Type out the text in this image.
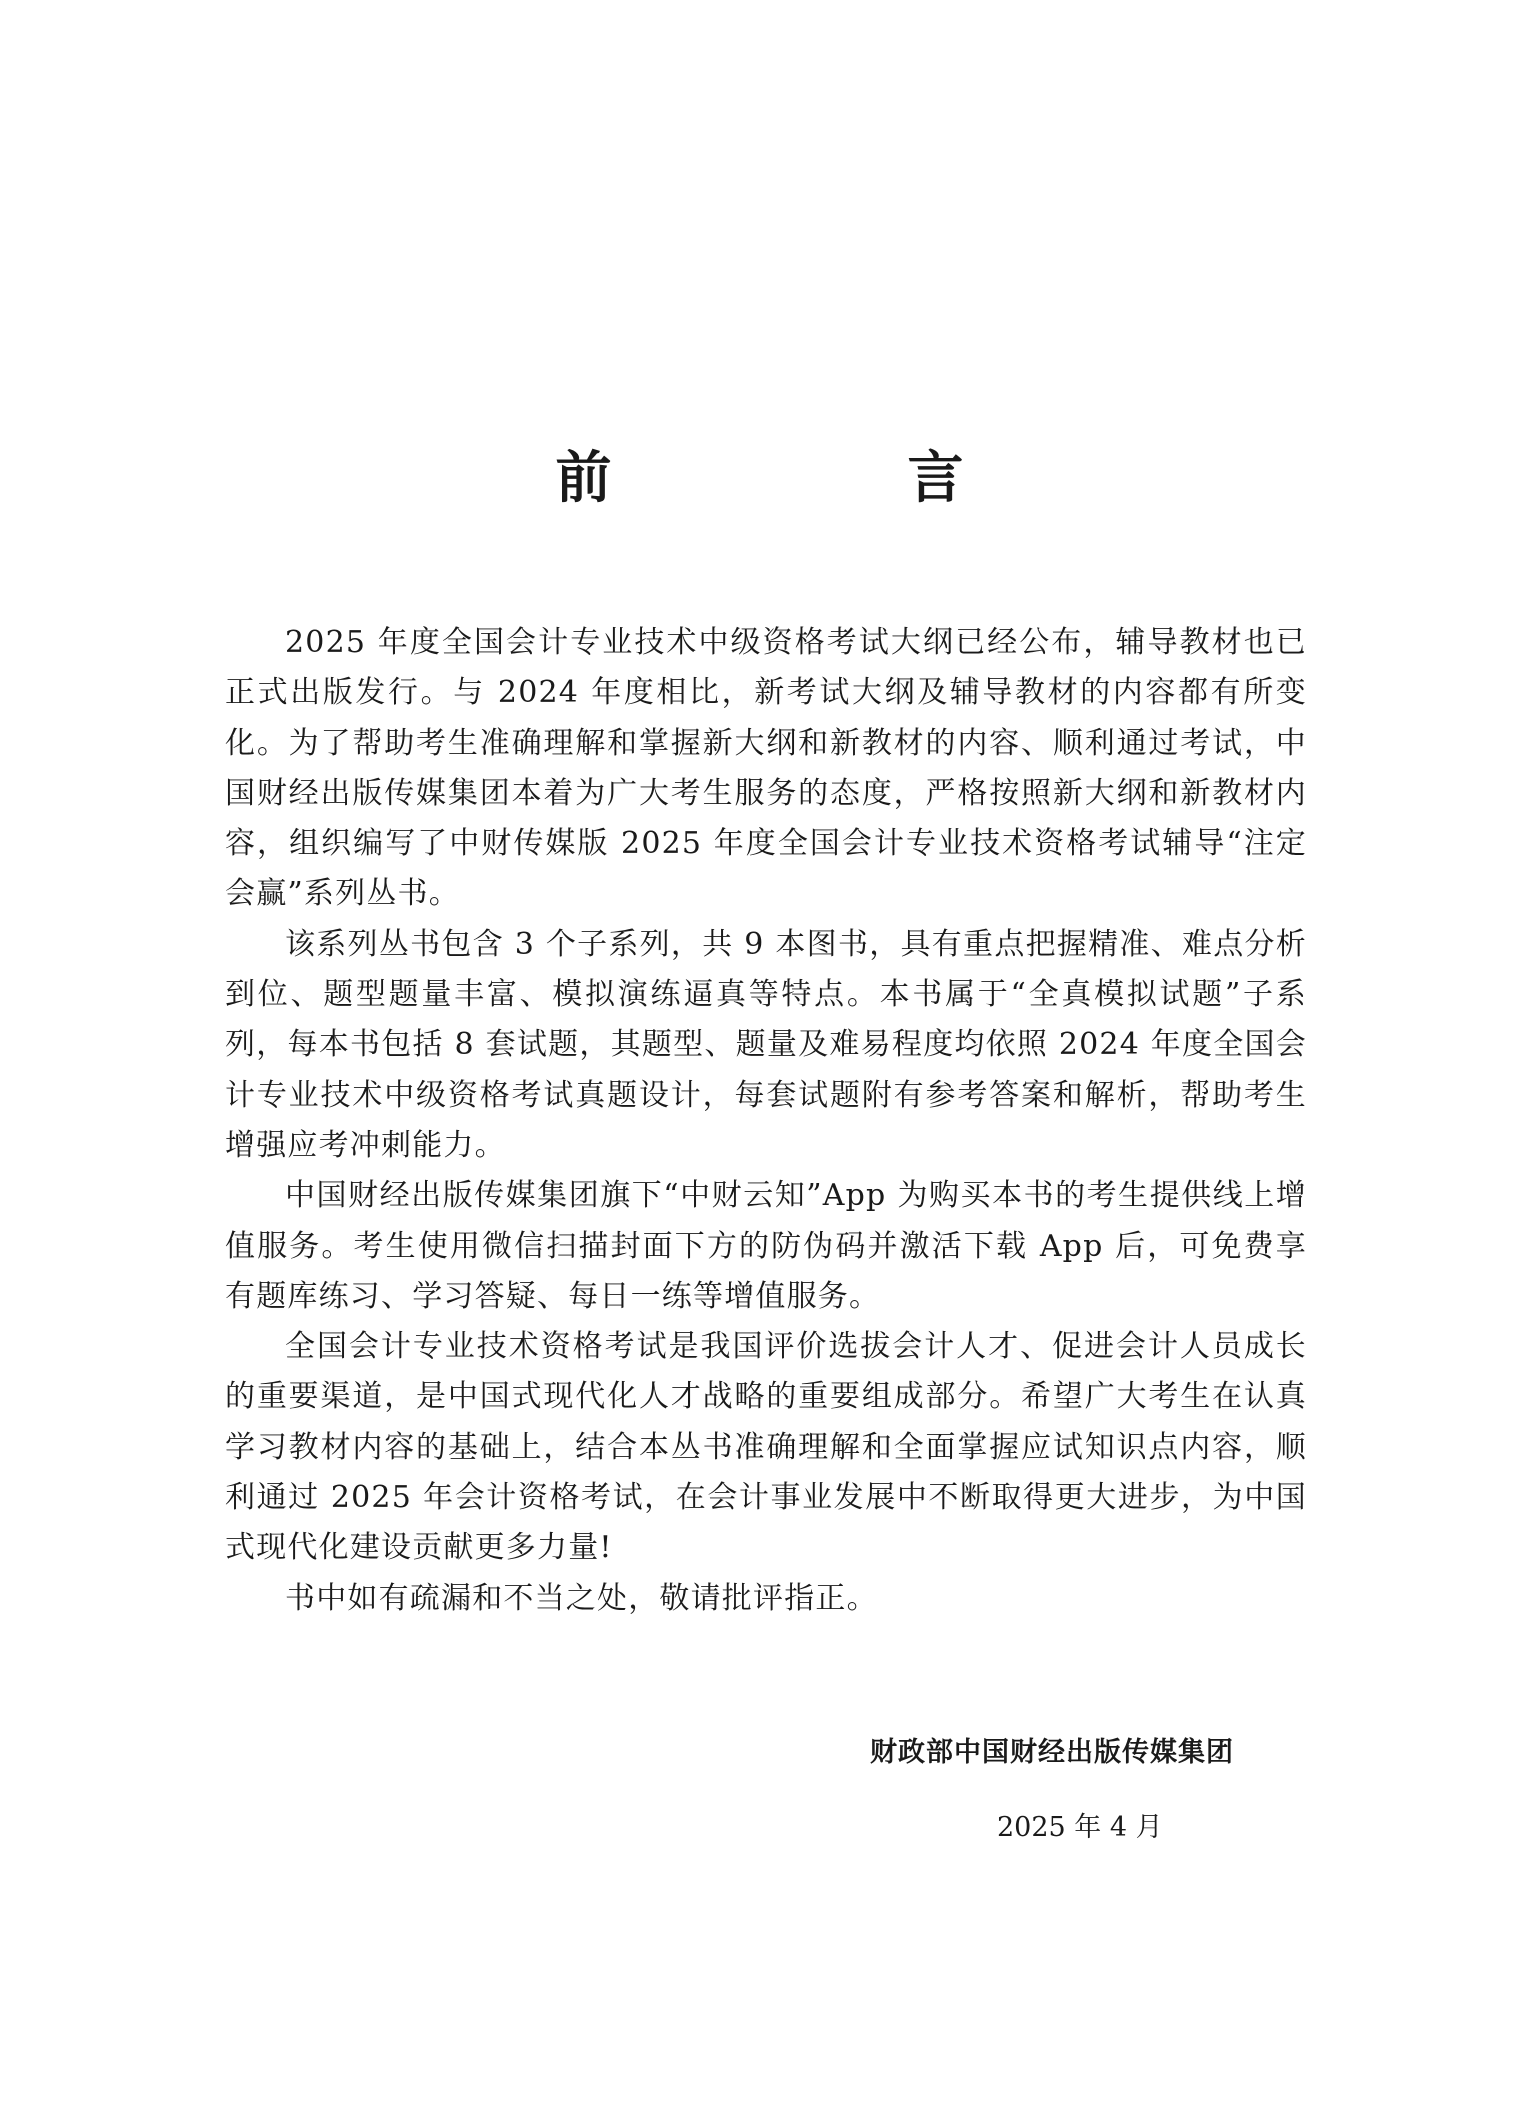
前　言

2025 年度全国会计专业技术中级资格考试大纲已经公布，辅导教材也已正式出版发行。与 2024 年度相比，新考试大纲及辅导教材的内容都有所变化。为了帮助考生准确理解和掌握新大纲和新教材的内容、顺利通过考试，中国财经出版传媒集团本着为广大考生服务的态度，严格按照新大纲和新教材内容，组织编写了中财传媒版 2025 年度全国会计专业技术资格考试辅导“注定会赢”系列丛书。

该系列丛书包含 3 个子系列，共 9 本图书，具有重点把握精准、难点分析到位、题型题量丰富、模拟演练逼真等特点。本书属于“全真模拟试题”子系列，每本书包括 8 套试题，其题型、题量及难易程度均依照 2024 年度全国会计专业技术中级资格考试真题设计，每套试题附有参考答案和解析，帮助考生增强应考冲刺能力。

中国财经出版传媒集团旗下“中财云知”App 为购买本书的考生提供线上增值服务。考生使用微信扫描封面下方的防伪码并激活下载 App 后，可免费享有题库练习、学习答疑、每日一练等增值服务。

全国会计专业技术资格考试是我国评价选拔会计人才、促进会计人员成长的重要渠道，是中国式现代化人才战略的重要组成部分。希望广大考生在认真学习教材内容的基础上，结合本丛书准确理解和全面掌握应试知识点内容，顺利通过 2025 年会计资格考试，在会计事业发展中不断取得更大进步，为中国式现代化建设贡献更多力量!

书中如有疏漏和不当之处，敬请批评指正。

财政部中国财经出版传媒集团
2025 年 4 月
